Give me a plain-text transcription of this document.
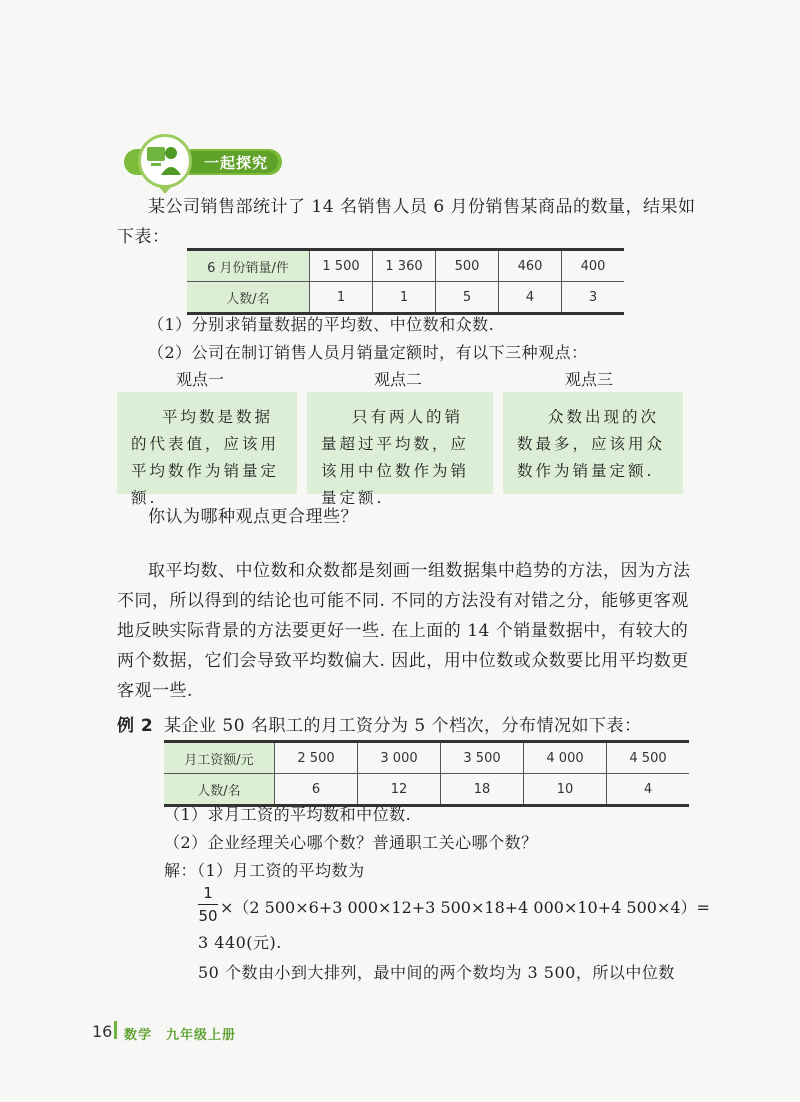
一起探究
某公司销售部统计了 14 名销售人员 6 月份销售某商品的数量，结果如
下表：
6 月份销量/件	1 500	1 360	500	460	400
人数/名	1	1	5	4	3
（1）分别求销量数据的平均数、中位数和众数.
（2）公司在制订销售人员月销量定额时，有以下三种观点：
观点一	观点二	观点三
平均数是数据的代表值，应该用平均数作为销量定额.
只有两人的销量超过平均数，应该用中位数作为销量定额.
众数出现的次数最多，应该用众数作为销量定额.
你认为哪种观点更合理些？
取平均数、中位数和众数都是刻画一组数据集中趋势的方法，因为方法
不同，所以得到的结论也可能不同. 不同的方法没有对错之分，能够更客观
地反映实际背景的方法要更好一些. 在上面的 14 个销量数据中，有较大的
两个数据，它们会导致平均数偏大. 因此，用中位数或众数要比用平均数更
客观一些.
例 2 某企业 50 名职工的月工资分为 5 个档次，分布情况如下表：
月工资额/元	2 500	3 000	3 500	4 000	4 500
人数/名	6	12	18	10	4
（1）求月工资的平均数和中位数.
（2）企业经理关心哪个数？普通职工关心哪个数？
解：（1）月工资的平均数为
1
50 ×（2 500×6+3 000×12+3 500×18+4 000×10+4 500×4）=
3 440(元).
50 个数由小到大排列，最中间的两个数均为 3 500，所以中位数
16 数学　九年级上册
